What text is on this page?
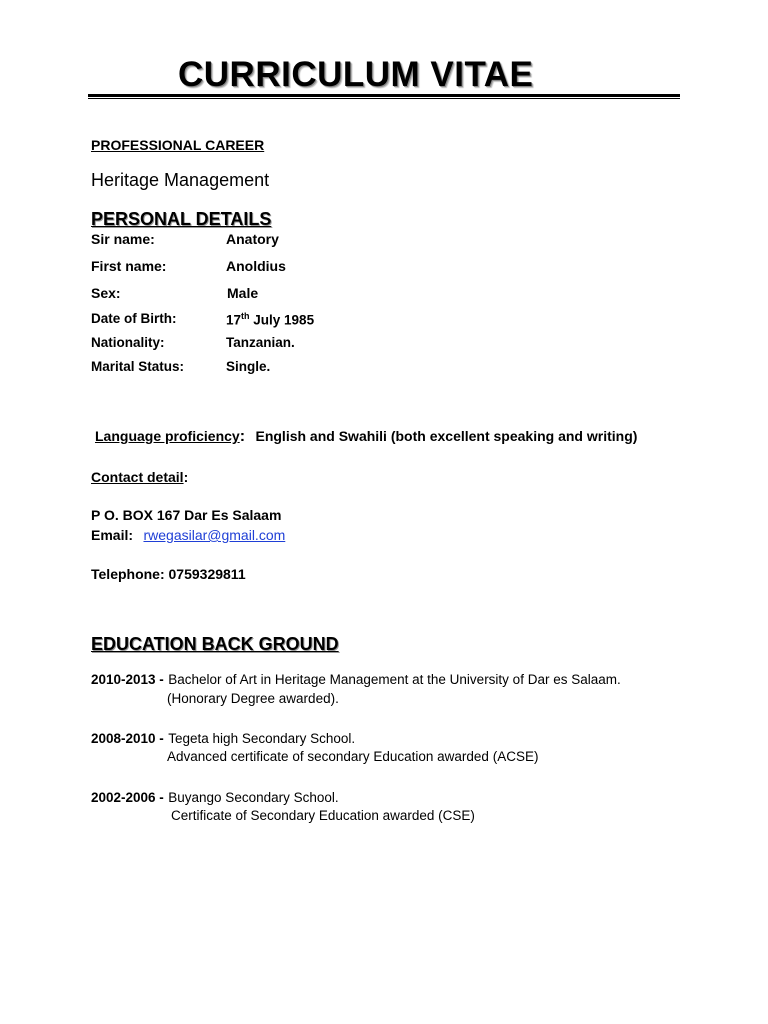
CURRICULUM VITAE
PROFESSIONAL CAREER
Heritage Management
PERSONAL DETAILS
Sir name:	Anatory
First name:	Anoldius
Sex:	Male
Date of Birth:	17th July 1985
Nationality:	Tanzanian.
Marital Status:	Single.
Language proficiency: English and Swahili (both excellent speaking and writing)
Contact detail:
P O. BOX 167 Dar Es Salaam
Email: rwegasilar@gmail.com
Telephone: 0759329811
EDUCATION BACK GROUND
2010-2013 - Bachelor of Art in Heritage Management at the University of Dar es Salaam.
(Honorary Degree awarded).
2008-2010 - Tegeta high Secondary School.
Advanced certificate of secondary Education awarded (ACSE)
2002-2006 - Buyango Secondary School.
Certificate of Secondary Education awarded (CSE)
